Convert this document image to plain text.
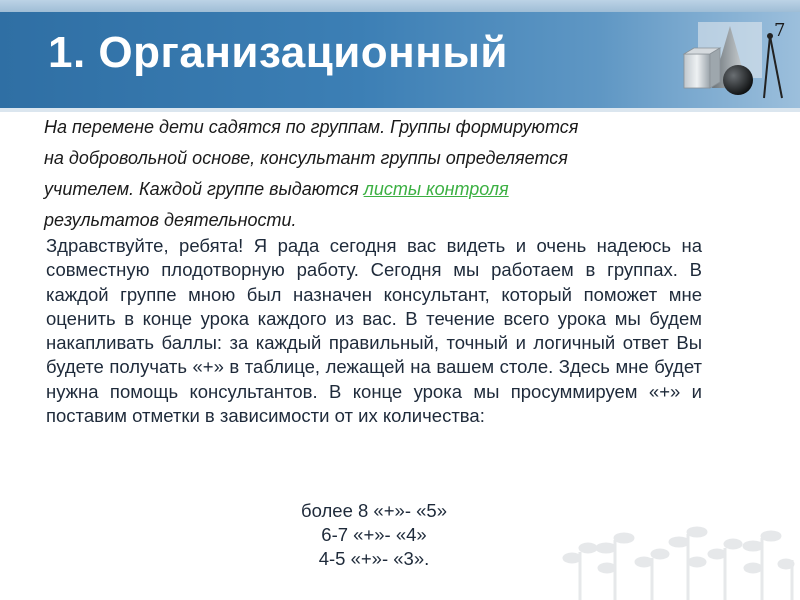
1. Организационный	7

На перемене дети садятся по группам. Группы формируются

на добровольной основе, консультант группы определяется

учителем. Каждой группе выдаются листы контроля

результатов деятельности.

Здравствуйте, ребята! Я рада сегодня вас видеть и очень надеюсь на совместную плодотворную работу. Сегодня мы работаем в группах. В каждой группе мною был назначен консультант, который поможет мне оценить в конце урока каждого из вас. В течение всего урока мы будем накапливать баллы: за каждый правильный, точный и логичный ответ Вы будете получать «+» в таблице, лежащей на вашем столе. Здесь мне будет нужна помощь консультантов. В конце урока мы просуммируем «+» и поставим отметки в зависимости от их количества:

более 8 «+»- «5»
6-7 «+»- «4»
4-5 «+»- «3».
